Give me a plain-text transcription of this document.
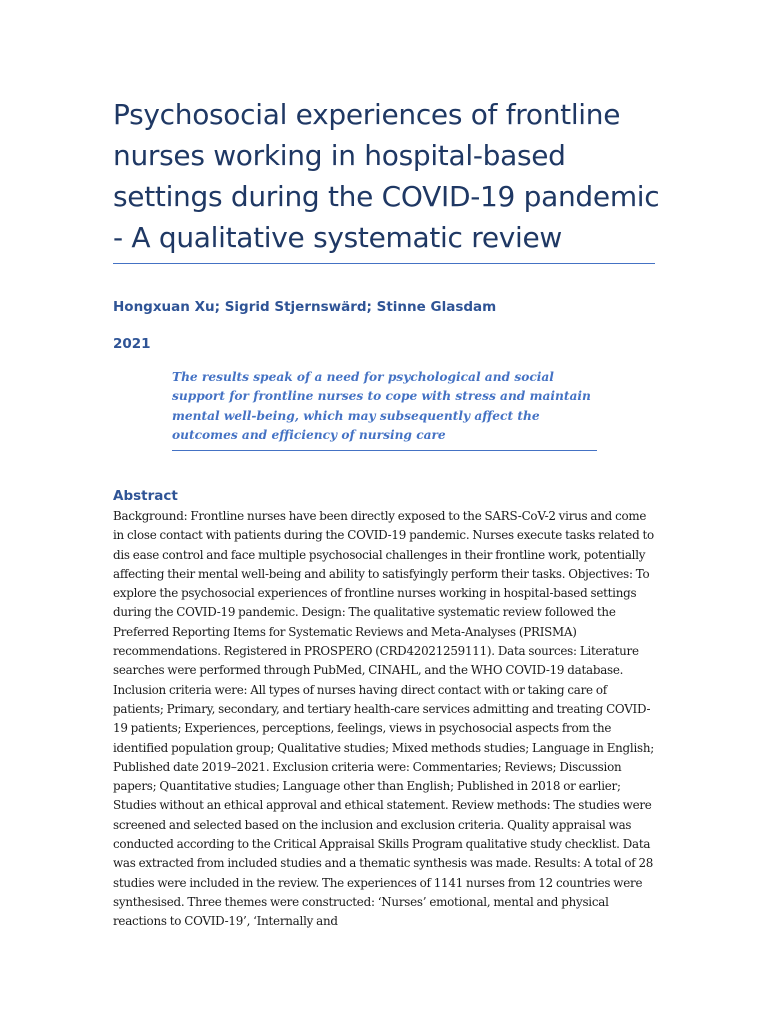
Psychosocial experiences of frontline nurses working in hospital-based settings during the COVID-19 pandemic - A qualitative systematic review
Hongxuan Xu; Sigrid Stjernswärd; Stinne Glasdam
2021

The results speak of a need for psychological and social support for frontline nurses to cope with stress and maintain mental well-being, which may subsequently affect the outcomes and efficiency of nursing care

Abstract

Background: Frontline nurses have been directly exposed to the SARS-CoV-2 virus and come in close contact with patients during the COVID-19 pandemic. Nurses execute tasks related to dis ease control and face multiple psychosocial challenges in their frontline work, potentially affecting their mental well-being and ability to satisfyingly perform their tasks. Objectives: To explore the psychosocial experiences of frontline nurses working in hospital-based settings during the COVID-19 pandemic. Design: The qualitative systematic review followed the Preferred Reporting Items for Systematic Reviews and Meta-Analyses (PRISMA) recommendations. Registered in PROSPERO (CRD42021259111). Data sources: Literature searches were performed through PubMed, CINAHL, and the WHO COVID-19 database. Inclusion criteria were: All types of nurses having direct contact with or taking care of patients; Primary, secondary, and tertiary health-care services admitting and treating COVID-19 patients; Experiences, perceptions, feelings, views in psychosocial aspects from the identified population group; Qualitative studies; Mixed methods studies; Language in English; Published date 2019–2021. Exclusion criteria were: Commentaries; Reviews; Discussion papers; Quantitative studies; Language other than English; Published in 2018 or earlier; Studies without an ethical approval and ethical statement. Review methods: The studies were screened and selected based on the inclusion and exclusion criteria. Quality appraisal was conducted according to the Critical Appraisal Skills Program qualitative study checklist. Data was extracted from included studies and a thematic synthesis was made. Results: A total of 28 studies were included in the review. The experiences of 1141 nurses from 12 countries were synthesised. Three themes were constructed: ‘Nurses’ emotional, mental and physical reactions to COVID-19’, ‘Internally and
